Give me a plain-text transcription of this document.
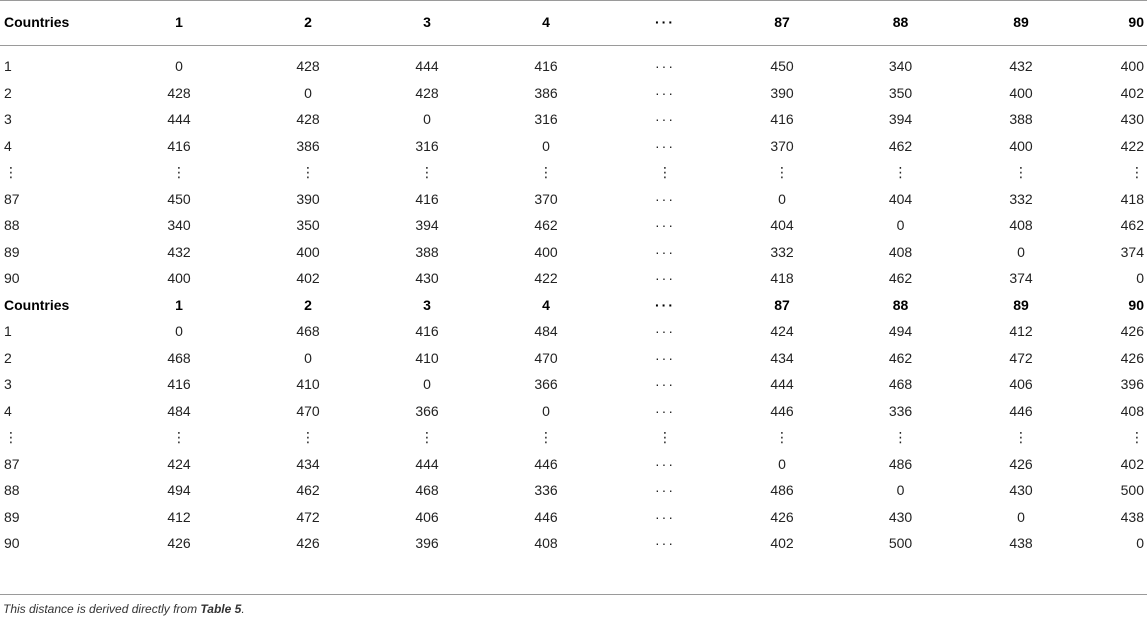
Countries	1	2	3	4	···	87	88	89	90
1	0	428	444	416	···	450	340	432	400
2	428	0	428	386	···	390	350	400	402
3	444	428	0	316	···	416	394	388	430
4	416	386	316	0	···	370	462	400	422
⋮	⋮	⋮	⋮	⋮	⋮	⋮	⋮	⋮	⋮
87	450	390	416	370	···	0	404	332	418
88	340	350	394	462	···	404	0	408	462
89	432	400	388	400	···	332	408	0	374
90	400	402	430	422	···	418	462	374	0
Countries	1	2	3	4	···	87	88	89	90
1	0	468	416	484	···	424	494	412	426
2	468	0	410	470	···	434	462	472	426
3	416	410	0	366	···	444	468	406	396
4	484	470	366	0	···	446	336	446	408
⋮	⋮	⋮	⋮	⋮	⋮	⋮	⋮	⋮	⋮
87	424	434	444	446	···	0	486	426	402
88	494	462	468	336	···	486	0	430	500
89	412	472	406	446	···	426	430	0	438
90	426	426	396	408	···	402	500	438	0
This distance is derived directly from Table 5.
